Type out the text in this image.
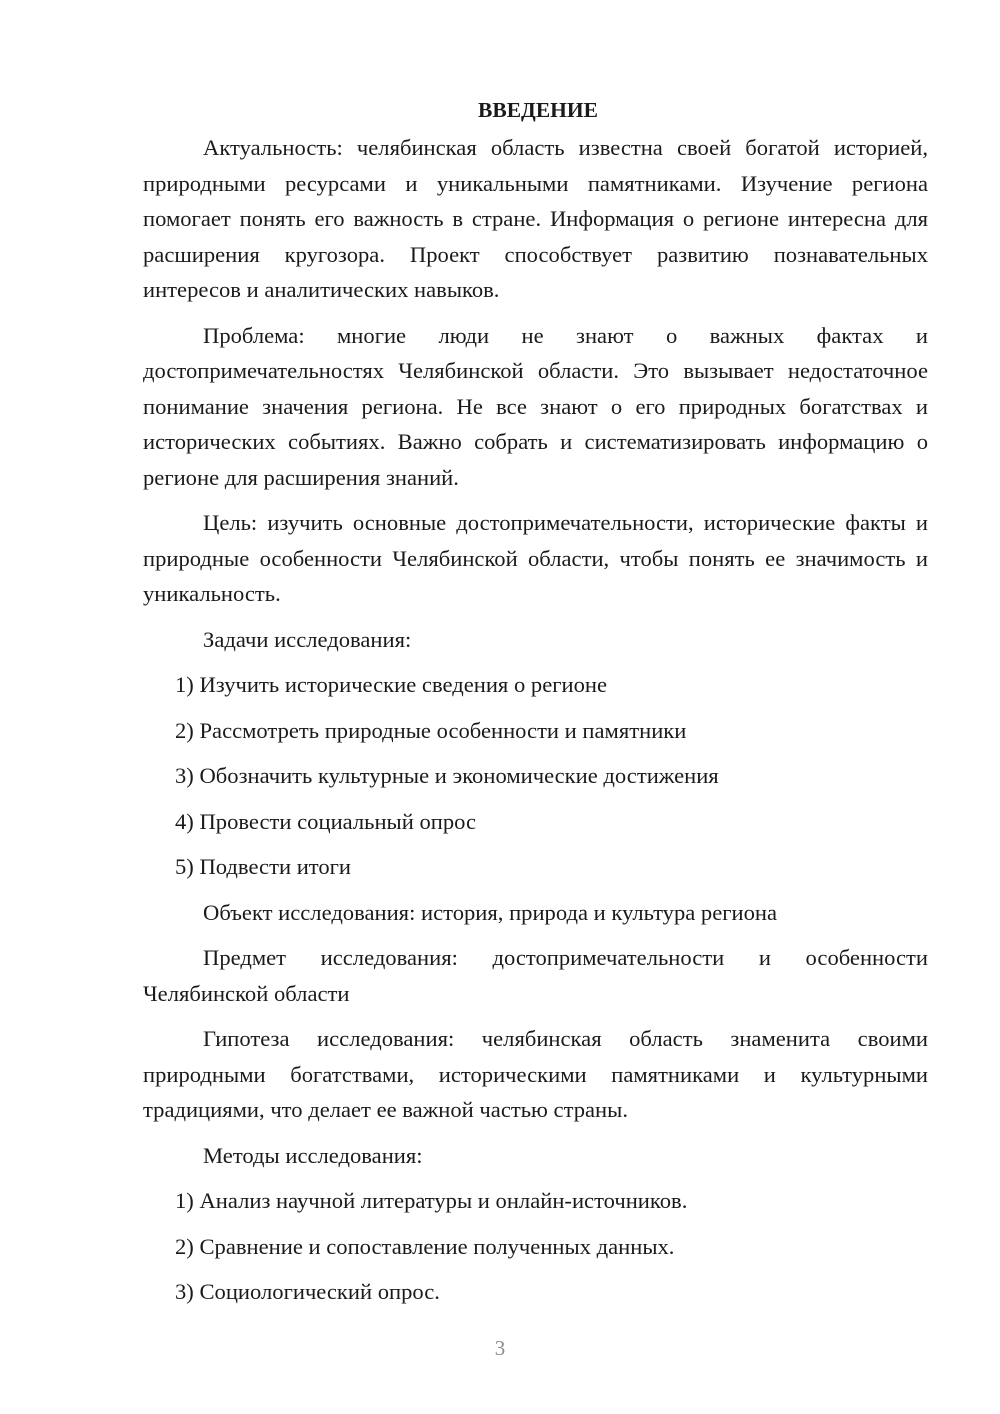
ВВЕДЕНИЕ

Актуальность: челябинская область известна своей богатой историей, природными ресурсами и уникальными памятниками. Изучение региона помогает понять его важность в стране. Информация о регионе интересна для расширения кругозора. Проект способствует развитию познавательных интересов и аналитических навыков.

Проблема: многие люди не знают о важных фактах и достопримечательностях Челябинской области. Это вызывает недостаточное понимание значения региона. Не все знают о его природных богатствах и исторических событиях. Важно собрать и систематизировать информацию о регионе для расширения знаний.

Цель: изучить основные достопримечательности, исторические факты и природные особенности Челябинской области, чтобы понять ее значимость и уникальность.

Задачи исследования:

1) Изучить исторические сведения о регионе

2) Рассмотреть природные особенности и памятники

3) Обозначить культурные и экономические достижения

4) Провести социальный опрос

5) Подвести итоги

Объект исследования: история, природа и культура региона

Предмет исследования: достопримечательности и особенности Челябинской области

Гипотеза исследования: челябинская область знаменита своими природными богатствами, историческими памятниками и культурными традициями, что делает ее важной частью страны.

Методы исследования:

1) Анализ научной литературы и онлайн-источников.

2) Сравнение и сопоставление полученных данных.

3) Социологический опрос.

3
